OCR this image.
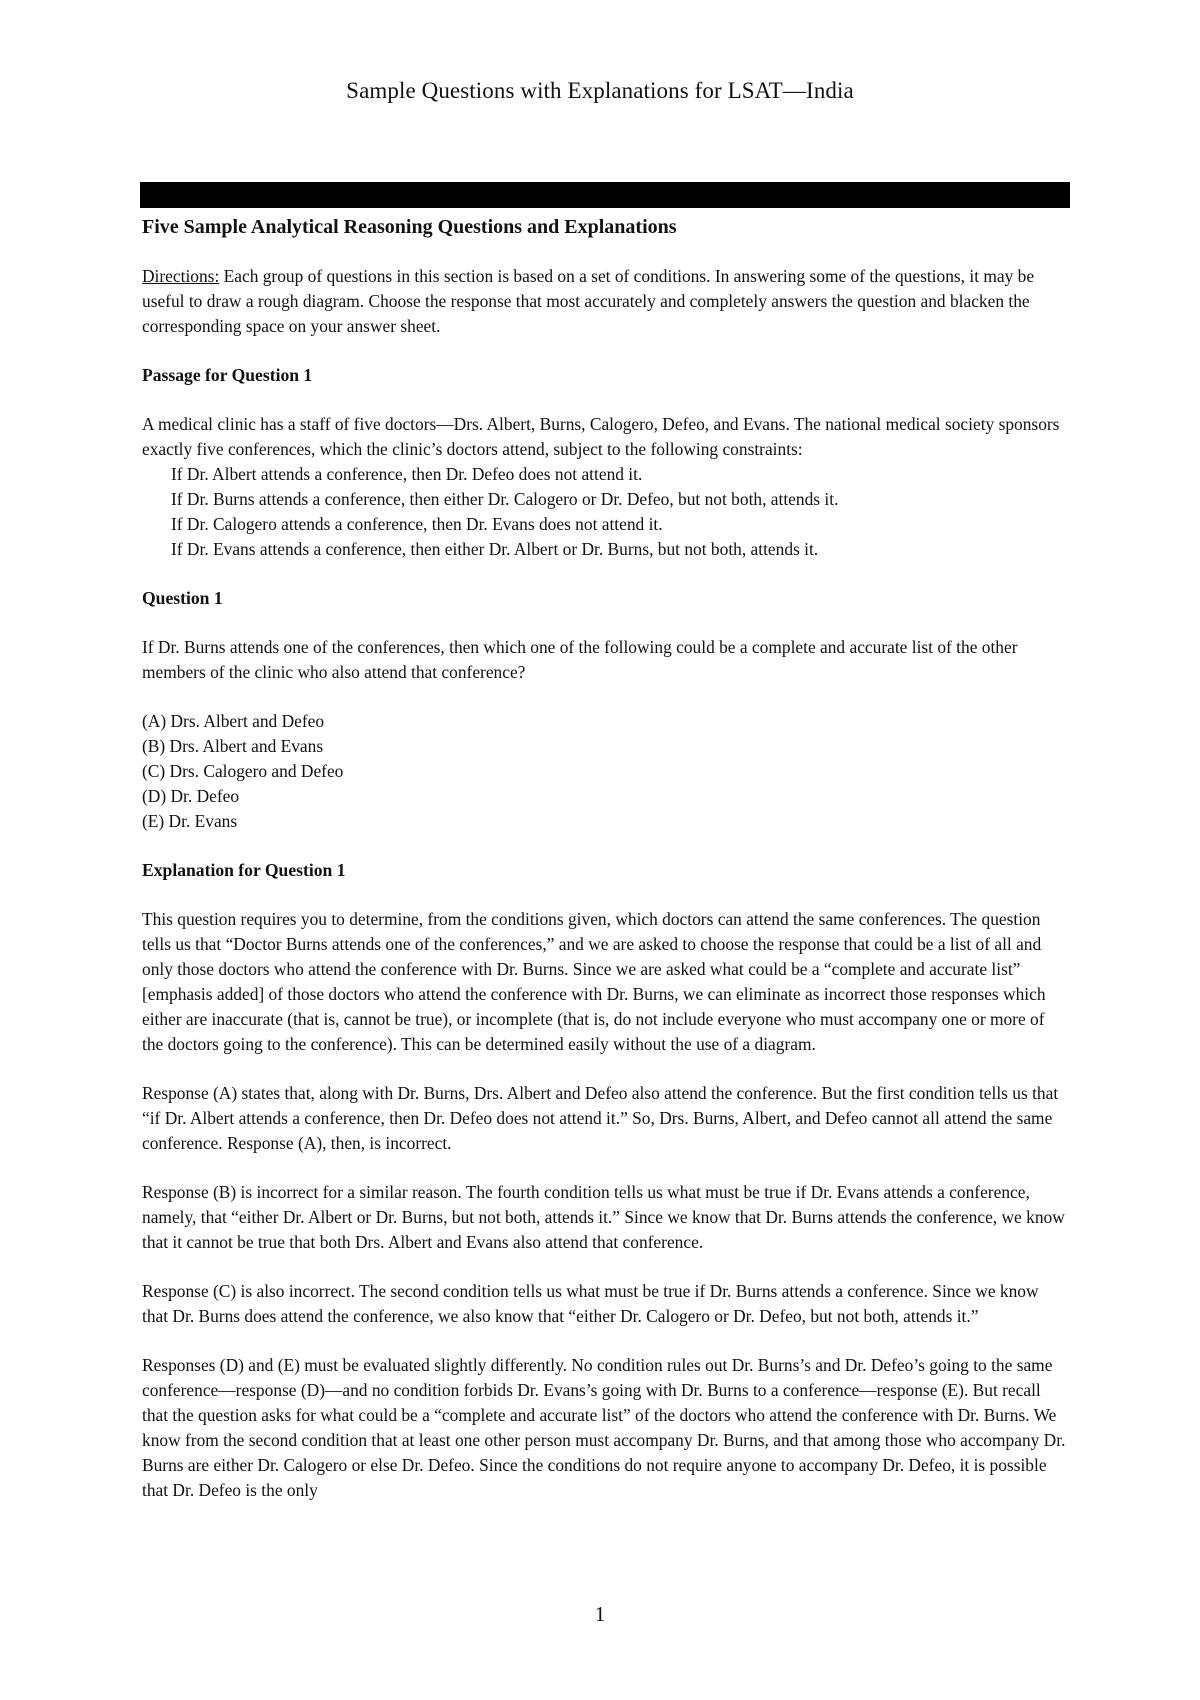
Sample Questions with Explanations for LSAT—India
Five Sample Analytical Reasoning Questions and Explanations

Directions: Each group of questions in this section is based on a set of conditions. In answering some of the questions, it may be useful to draw a rough diagram. Choose the response that most accurately and completely answers the question and blacken the corresponding space on your answer sheet.

Passage for Question 1

A medical clinic has a staff of five doctors—Drs. Albert, Burns, Calogero, Defeo, and Evans. The national medical society sponsors exactly five conferences, which the clinic’s doctors attend, subject to the following constraints:

If Dr. Albert attends a conference, then Dr. Defeo does not attend it.

If Dr. Burns attends a conference, then either Dr. Calogero or Dr. Defeo, but not both, attends it.

If Dr. Calogero attends a conference, then Dr. Evans does not attend it.

If Dr. Evans attends a conference, then either Dr. Albert or Dr. Burns, but not both, attends it.

Question 1

If Dr. Burns attends one of the conferences, then which one of the following could be a complete and accurate list of the other members of the clinic who also attend that conference?

(A) Drs. Albert and Defeo

(B) Drs. Albert and Evans

(C) Drs. Calogero and Defeo

(D) Dr. Defeo

(E) Dr. Evans

Explanation for Question 1

This question requires you to determine, from the conditions given, which doctors can attend the same conferences. The question tells us that “Doctor Burns attends one of the conferences,” and we are asked to choose the response that could be a list of all and only those doctors who attend the conference with Dr. Burns. Since we are asked what could be a “complete and accurate list” [emphasis added] of those doctors who attend the conference with Dr. Burns, we can eliminate as incorrect those responses which either are inaccurate (that is, cannot be true), or incomplete (that is, do not include everyone who must accompany one or more of the doctors going to the conference). This can be determined easily without the use of a diagram.

Response (A) states that, along with Dr. Burns, Drs. Albert and Defeo also attend the conference. But the first condition tells us that “if Dr. Albert attends a conference, then Dr. Defeo does not attend it.” So, Drs. Burns, Albert, and Defeo cannot all attend the same conference. Response (A), then, is incorrect.

Response (B) is incorrect for a similar reason. The fourth condition tells us what must be true if Dr. Evans attends a conference, namely, that “either Dr. Albert or Dr. Burns, but not both, attends it.” Since we know that Dr. Burns attends the conference, we know that it cannot be true that both Drs. Albert and Evans also attend that conference.

Response (C) is also incorrect. The second condition tells us what must be true if Dr. Burns attends a conference. Since we know that Dr. Burns does attend the conference, we also know that “either Dr. Calogero or Dr. Defeo, but not both, attends it.”

Responses (D) and (E) must be evaluated slightly differently. No condition rules out Dr. Burns’s and Dr. Defeo’s going to the same conference—response (D)—and no condition forbids Dr. Evans’s going with Dr. Burns to a conference—response (E). But recall that the question asks for what could be a “complete and accurate list” of the doctors who attend the conference with Dr. Burns. We know from the second condition that at least one other person must accompany Dr. Burns, and that among those who accompany Dr. Burns are either Dr. Calogero or else Dr. Defeo. Since the conditions do not require anyone to accompany Dr. Defeo, it is possible that Dr. Defeo is the only

1
